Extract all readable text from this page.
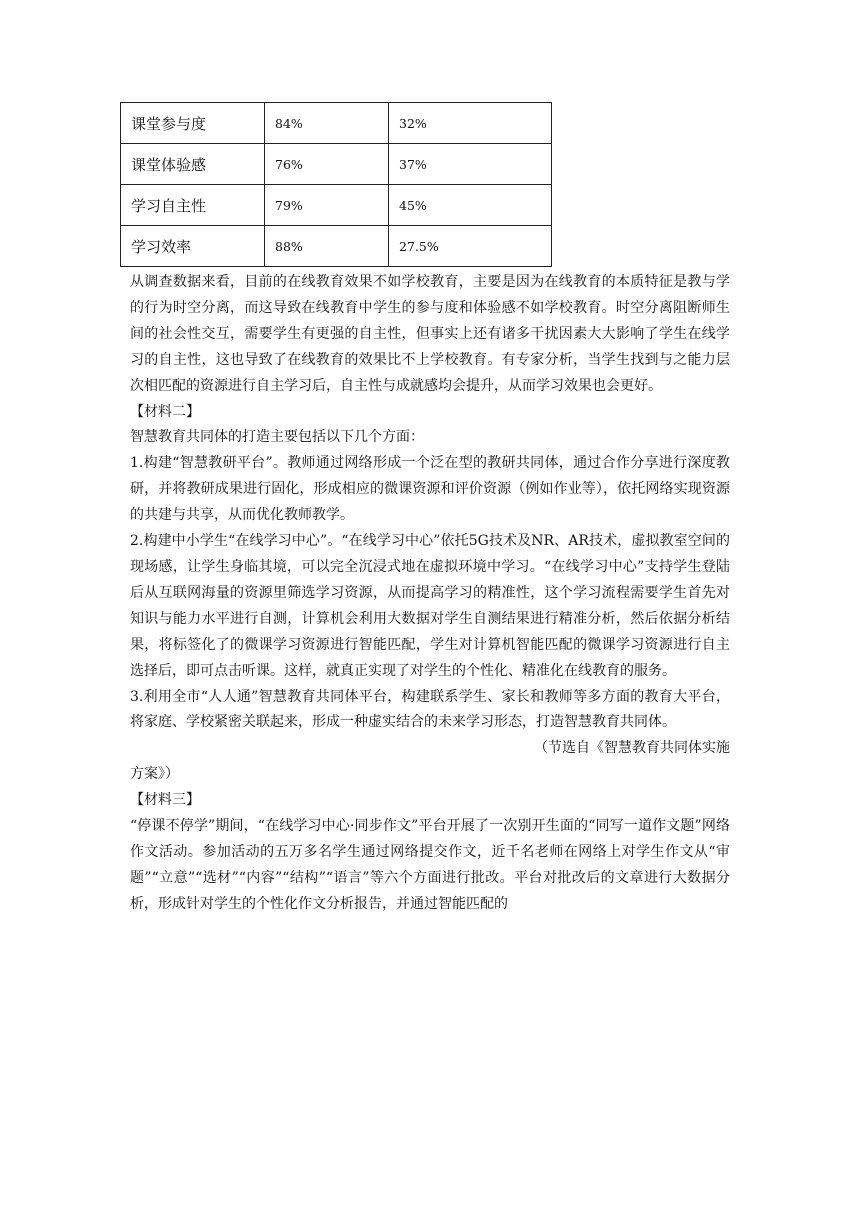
课堂参与度	84%	32%
课堂体验感	76%	37%
学习自主性	79%	45%
学习效率	88%	27.5%

从调查数据来看，目前的在线教育效果不如学校教育，主要是因为在线教育的本质特征是教与学的行为时空分离，而这导致在线教育中学生的参与度和体验感不如学校教育。时空分离阻断师生间的社会性交互，需要学生有更强的自主性，但事实上还有诸多干扰因素大大影响了学生在线学习的自主性，这也导致了在线教育的效果比不上学校教育。有专家分析，当学生找到与之能力层次相匹配的资源进行自主学习后，自主性与成就感均会提升，从而学习效果也会更好。

【材料二】

智慧教育共同体的打造主要包括以下几个方面：

1.构建“智慧教研平台”。教师通过网络形成一个泛在型的教研共同体，通过合作分享进行深度教研，并将教研成果进行固化，形成相应的微课资源和评价资源（例如作业等），依托网络实现资源的共建与共享，从而优化教师教学。

2.构建中小学生“在线学习中心”。“在线学习中心”依托5G技术及NR、AR技术，虚拟教室空间的现场感，让学生身临其境，可以完全沉浸式地在虚拟环境中学习。“在线学习中心”支持学生登陆后从互联网海量的资源里筛选学习资源，从而提高学习的精准性，这个学习流程需要学生首先对知识与能力水平进行自测，计算机会利用大数据对学生自测结果进行精准分析，然后依据分析结果，将标签化了的微课学习资源进行智能匹配，学生对计算机智能匹配的微课学习资源进行自主选择后，即可点击听课。这样，就真正实现了对学生的个性化、精准化在线教育的服务。

3.利用全市“人人通”智慧教育共同体平台，构建联系学生、家长和教师等多方面的教育大平台，将家庭、学校紧密关联起来，形成一种虚实结合的未来学习形态，打造智慧教育共同体。

（节选自《智慧教育共同体实施

方案》）

【材料三】

“停课不停学”期间，“在线学习中心·同步作文”平台开展了一次别开生面的“同写一道作文题”网络作文活动。参加活动的五万多名学生通过网络提交作文，近千名老师在网络上对学生作文从“审题”“立意”“选材”“内容”“结构”“语言”等六个方面进行批改。平台对批改后的文章进行大数据分析，形成针对学生的个性化作文分析报告，并通过智能匹配的
